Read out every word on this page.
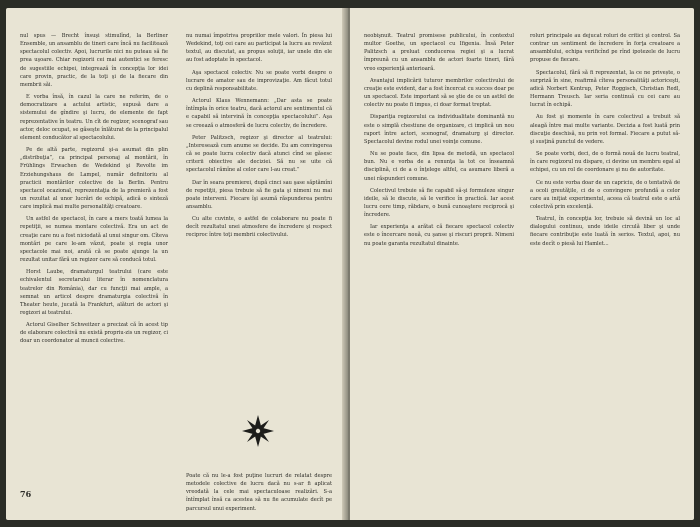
nul spus — Brecht însuşi stimulînd, la Berliner Ensemble, un ansamblu de tineri care încă nu facilitează spectacolul colectiv. Apoi, lucrurile nici nu puteau să fie prea uşoare. Chiar regizorii cei mai autentici se feresc de sugestiile echipei, integrează în concepţia lor idei care provin, practic, de la toţi şi de la fiecare din membrii săi.

E vorba însă, în cazul la care ne referim, de o democratizare a actului artistic, supusă dare a sistemului de gîndire şi lucru, de elemente de fapt reprezentative în teatru. Un cît de regizor, scenograf sau actor, deloc ocupat, se găseşte înlăturat de la principalul element conducător al spectacolului.

Pe de altă parte, regizorul şi-a asumat din plin „distribuţia”, ca principal personaj al montării, în Frühlings Erwachen de Wedekind şi Revolte im Erziehungshaus de Lampel, număr definitoriu al practicii montărilor colective de la Berlin. Pentru spectacol ocazional, reprezentaţia de la premieră a fost un rezultat al unor lucrări de echipă, adică o sinteză care implică mai multe personalităţi creatoare.

Un astfel de spectacol, în care a mers toată lumea la repetiţii, se numea montare colectivă. Era un act de creaţie care nu a fost niciodată al unui singur om. Cîteva montări pe care le-am văzut, poate şi regia unor spectacole mai noi, arată că se poate ajunge la un rezultat unitar fără un regizor care să conducă totul.

Horst Laube, dramaturgul teatrului (care este echivalentul secretarului literar în nomenclatura teatrelor din România), dar cu funcţii mai ample, a semnat un articol despre dramaturgia colectivă în Theater heute, jucată la Frankfurt, alături de actori şi regizori ai teatrului.

Actorul Giselher Schweitzer a precizat că în acest tip de elaborare colectivă nu există propriu-zis un regizor, ci doar un coordonator al muncii colective.

nu numai împotriva propriilor mele valori. În piesa lui Wedekind, toţi cei care au participat la lucru au revăzut textul, au discutat, au propus soluţii, iar unele din ele au fost adoptate în spectacol.

Aşa spectacol colectiv. Nu se poate vorbi despre o lucrare de amator sau de improvizaţie. Am făcut totul cu deplină responsabilitate.

Actorul Klaus Wennemann: „Dar asta se poate întîmpla în orice teatru, dacă actorul are sentimentul că e capabil să intervină în concepţia spectacolului”. Aşa se creează o atmosferă de lucru colectiv, de încredere.

Peter Palitzsch, regizor şi director al teatrului: „Interesează cum anume se decide. Eu am convingerea că se poate lucra colectiv dacă atunci cînd se găsesc criterii obiective ale deciziei. Să nu se uite că spectacolul rămîne al celor care l-au creat.”

Dar în seara premierei, după cinci sau şase săptămîni de repetiţii, piesa trebuie să fie gata şi nimeni nu mai poate interveni. Fiecare îşi asumă răspunderea pentru ansamblu.

Cu alte cuvinte, o astfel de colaborare nu poate fi decît rezultatul unei atmosfere de încredere şi respect reciproc între toţi membrii colectivului.

Poate că nu le-a fost puţine lucruri de relatat despre metodele colective de lucru dacă nu s-ar fi aplicat vreodată la cele mai spectaculoase realizări. S-a întîmplat însă ca acestea să nu fie acumulate decît pe parcursul unui experiment.

76

neobişnuit. Teatrul promisese publicului, în contextul multor Goethe, un spectacol cu Ifigenia. Însă Peter Palitzsch a preluat conducerea regiei şi a lucrat împreună cu un ansamblu de actori foarte tineri, fără vreo experienţă anterioară.

Avantajul implicării tuturor membrilor colectivului de creaţie este evident, dar a fost încercat cu succes doar pe un spectacol. Este important să se ştie de ce un astfel de colectiv nu poate fi impus, ci doar format treptat.

Dispariţia regizorului ca individualitate dominantă nu este o simplă chestiune de organizare, ci implică un nou raport între actori, scenograf, dramaturg şi director. Spectacolul devine rodul unei voinţe comune.

Nu se poate face, din lipsa de metodă, un spectacol bun. Nu e vorba de a renunţa la tot ce înseamnă disciplină, ci de a o înţelege altfel, ca asumare liberă a unei răspunderi comune.

Colectivul trebuie să fie capabil să-şi formuleze singur ideile, să le discute, să le verifice în practică. Iar acest lucru cere timp, răbdare, o bună cunoaştere reciprocă şi încredere.

Iar experienţa a arătat că fiecare spectacol colectiv este o încercare nouă, cu şanse şi riscuri proprii. Nimeni nu poate garanta rezultatul dinainte.

roluri principale au dejucat roluri de critici şi control. Sa contrar un sentiment de încredere în forţa creatoare a ansamblului, echipa verificînd pe rînd ipotezele de lucru propuse de fiecare.

Spectacolul, fără să fi reprezentat, la ce ne privește, o surpriză în sine, reafirmă cîteva personalităţi actoriceşti, adică Norbert Kentrup, Peter Roggisch, Christian Redl, Hermann Treusch. Iar seria continuă cu cei care au lucrat în echipă.

Au fost şi momente în care colectivul a trebuit să aleagă între mai multe variante. Decizia a fost luată prin discuţie deschisă, nu prin vot formal. Fiecare a putut să-şi susţină punctul de vedere.

Se poate vorbi, deci, de o formă nouă de lucru teatral, în care regizorul nu dispare, ci devine un membru egal al echipei, cu un rol de coordonare şi nu de autoritate.

Ce nu este vorba doar de un capriciu, de o tentativă de a ocoli greutăţile, ci de o convingere profundă a celor care au iniţiat experimentul, aceea că teatrul este o artă colectivă prin excelenţă.

Teatrul, în concepţia lor, trebuie să devină un loc al dialogului continuu, unde ideile circulă liber şi unde fiecare contribuţie este luată în serios. Textul, apoi, nu este decît o piesă lui Hamlet...
